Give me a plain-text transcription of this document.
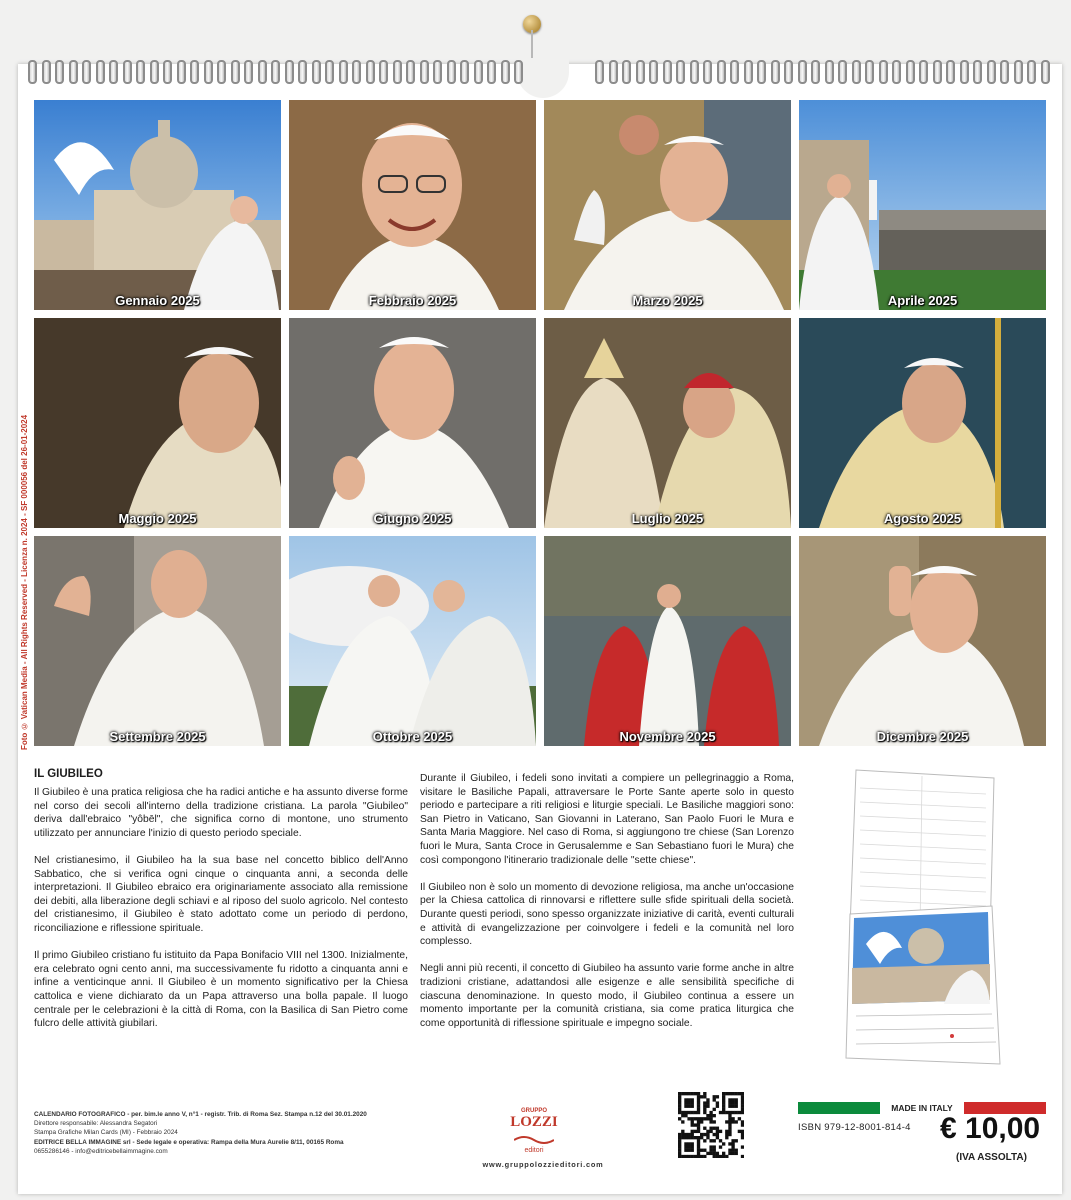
Foto © Vatican Media - All Rights Reserved - Licenza n. 2024 - SF 000056 del 26-01-2024
Gennaio 2025	Febbraio 2025	Marzo 2025	Aprile 2025
Maggio 2025	Giugno 2025	Luglio 2025	Agosto 2025
Settembre 2025	Ottobre 2025	Novembre 2025	Dicembre 2025
IL GIUBILEO

Il Giubileo è una pratica religiosa che ha radici antiche e ha assunto diverse forme nel corso dei secoli all'interno della tradizione cristiana. La parola "Giubileo" deriva dall'ebraico "yôbēl", che significa corno di montone, uno strumento utilizzato per annunciare l'inizio di questo periodo speciale.

Nel cristianesimo, il Giubileo ha la sua base nel concetto biblico dell'Anno Sabbatico, che si verifica ogni cinque o cinquanta anni, a seconda delle interpretazioni. Il Giubileo ebraico era originariamente associato alla remissione dei debiti, alla liberazione degli schiavi e al riposo del suolo agricolo. Nel contesto del cristianesimo, il Giubileo è stato adottato come un periodo di perdono, riconciliazione e riflessione spirituale.

Il primo Giubileo cristiano fu istituito da Papa Bonifacio VIII nel 1300. Inizialmente, era celebrato ogni cento anni, ma successivamente fu ridotto a cinquanta anni e infine a venticinque anni. Il Giubileo è un momento significativo per la Chiesa cattolica e viene dichiarato da un Papa attraverso una bolla papale. Il luogo centrale per le celebrazioni è la città di Roma, con la Basilica di San Pietro come fulcro delle attività giubilari.

Durante il Giubileo, i fedeli sono invitati a compiere un pellegrinaggio a Roma, visitare le Basiliche Papali, attraversare le Porte Sante aperte solo in questo periodo e partecipare a riti religiosi e liturgie speciali. Le Basiliche maggiori sono: San Pietro in Vaticano, San Giovanni in Laterano, San Paolo Fuori le Mura e Santa Maria Maggiore. Nel caso di Roma, si aggiungono tre chiese (San Lorenzo fuori le Mura, Santa Croce in Gerusalemme e San Sebastiano fuori le Mura) che così compongono l'itinerario tradizionale delle "sette chiese".

Il Giubileo non è solo un momento di devozione religiosa, ma anche un'occasione per la Chiesa cattolica di rinnovarsi e riflettere sulle sfide spirituali della società. Durante questi periodi, sono spesso organizzate iniziative di carità, eventi culturali e attività di evangelizzazione per coinvolgere i fedeli e la comunità nel loro complesso.

Negli anni più recenti, il concetto di Giubileo ha assunto varie forme anche in altre tradizioni cristiane, adattandosi alle esigenze e alle sensibilità specifiche di ciascuna denominazione. In questo modo, il Giubileo continua a essere un momento importante per la comunità cristiana, sia come pratica liturgica che come opportunità di riflessione spirituale e impegno sociale.

CALENDARIO FOTOGRAFICO - per. bim.le anno V, n°1 - registr. Trib. di Roma Sez. Stampa n.12 del 30.01.2020
Direttore responsabile: Alessandra Segatori
Stampa Grafiche Milan Cards (MI) - Febbraio 2024
EDITRICE BELLA IMMAGINE srl - Sede legale e operativa: Rampa della Mura Aurelie 8/11, 00165 Roma
0655286146 - info@editricebellaimmagine.com
GRUPPO
LOZZI
editori
www.gruppolozzieditori.com
MADE IN ITALY
ISBN 979-12-8001-814-4 € 10,00
(IVA ASSOLTA)
